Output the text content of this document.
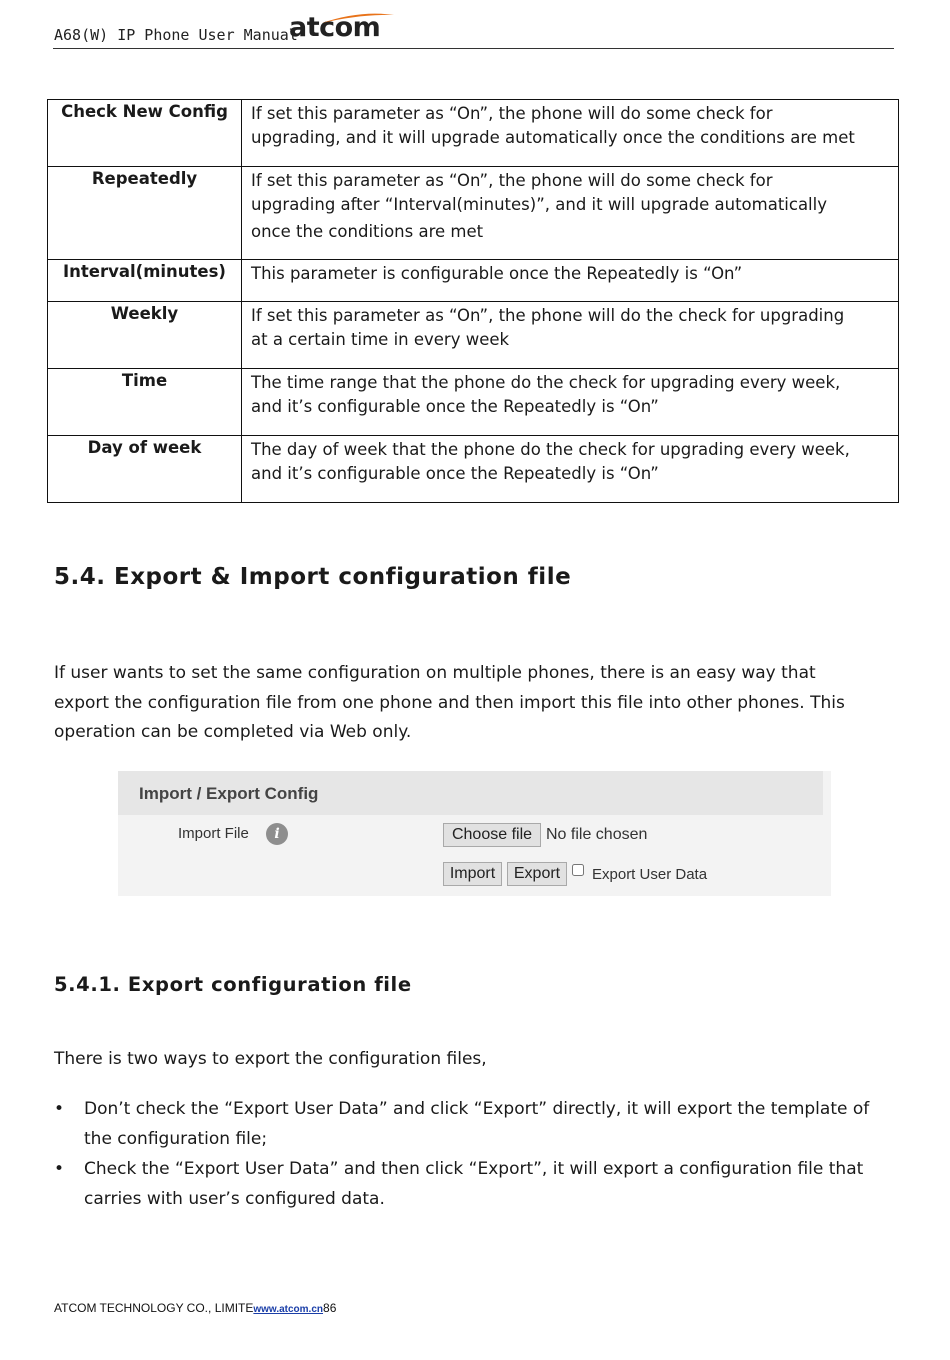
A68(W) IP Phone User Manual
atcom
Check New Config	If set this parameter as “On”, the phone will do some check for
upgrading, and it will upgrade automatically once the conditions are met

Repeatedly	If set this parameter as “On”, the phone will do some check for
upgrading after “Interval(minutes)”, and it will upgrade automatically
once the conditions are met

Interval(minutes)	This parameter is configurable once the Repeatedly is “On”

Weekly	If set this parameter as “On”, the phone will do the check for upgrading
at a certain time in every week

Time	The time range that the phone do the check for upgrading every week,
and it’s configurable once the Repeatedly is “On”

Day of week	The day of week that the phone do the check for upgrading every week,
and it’s configurable once the Repeatedly is “On”
5.4. Export & Import configuration file
If user wants to set the same configuration on multiple phones, there is an easy way that
export the configuration file from one phone and then import this file into other phones. This
operation can be completed via Web only.
Import / Export Config
Import File	i	Choose file No file chosen
Import	Export	Export User Data
5.4.1. Export configuration file
There is two ways to export the configuration files,
• Don’t check the “Export User Data” and click “Export” directly, it will export the template of
the configuration file;
• Check the “Export User Data” and then click “Export”, it will export a configuration file that
carries with user’s configured data.
ATCOM TECHNOLOGY CO., LIMITEwww.atcom.cn86
